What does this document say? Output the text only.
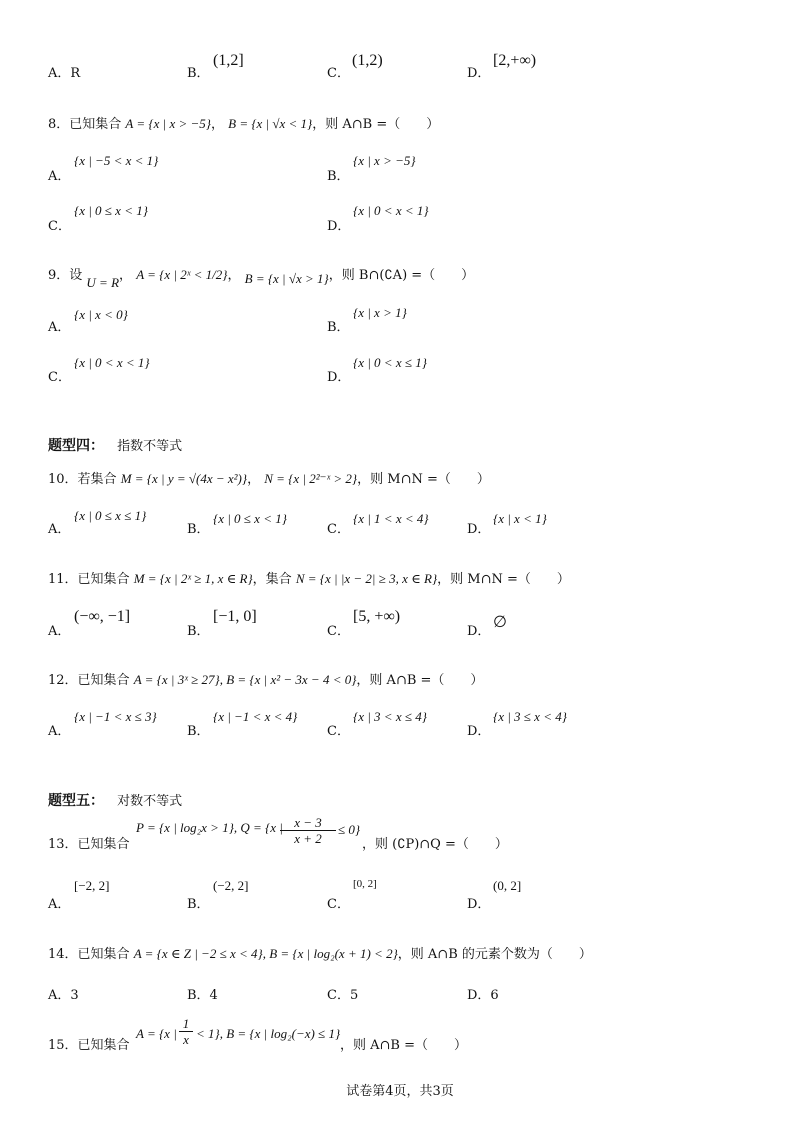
A．R	B．
(1,2]
C．
(1,2)
D．
[2,+∞)
8．已知集合 A = {x | x > −5}， B = {x | √x < 1}，则 A∩B =（　　）
A．
{x | −5 < x < 1}
B．
{x | x > −5}
C．
{x | 0 ≤ x < 1}
D．
{x | 0 < x < 1}
9．设 U = R， A = {x | 2ˣ < 1/2}， B = {x | √x > 1}，则 B∩(∁A) =（　　）
A．
{x | x < 0}
B．
{x | x > 1}
C．
{x | 0 < x < 1}
D．
{x | 0 < x ≤ 1}
题型四： 指数不等式
10．若集合 M = {x | y = √(4x − x²)}， N = {x | 2²⁻ˣ > 2}，则 M∩N =（　　）
A．
{x | 0 ≤ x ≤ 1}
B．
{x | 0 ≤ x < 1}
C．
{x | 1 < x < 4}
D．
{x | x < 1}
11．已知集合 M = {x | 2ˣ ≥ 1, x ∈ R}，集合 N = {x | |x − 2| ≥ 3, x ∈ R}，则 M∩N =（　　）
A．
(−∞, −1]
B．
[−1, 0]
C．
[5, +∞)
D．
∅
12．已知集合 A = {x | 3ˣ ≥ 27}, B = {x | x² − 3x − 4 < 0}，则 A∩B =（　　）
A．
{x | −1 < x ≤ 3}
B．
{x | −1 < x < 4}
C．
{x | 3 < x ≤ 4}
D．
{x | 3 ≤ x < 4}
题型五： 对数不等式
13．已知集合
P = {x | log₂x > 1}, Q = {x |
$\frac{x - 3}{x + 2} \le 0$}
，则 (∁P)∩Q =（　　）
A．
[−2, 2]
B．
(−2, 2]
C．
[0, 2]
D．
(0, 2]
14．已知集合 A = {x ∈ Z | −2 ≤ x < 4}, B = {x | log₂(x + 1) < 2}，则 A∩B 的元素个数为（　　）
A．3	B．4	C．5	D．6
15．已知集合
A = {x | $\frac{1}{x} < 1$}, B = {x | log₂(−x) ≤ 1}
，则 A∩B =（　　）
试卷第4页，共3页
